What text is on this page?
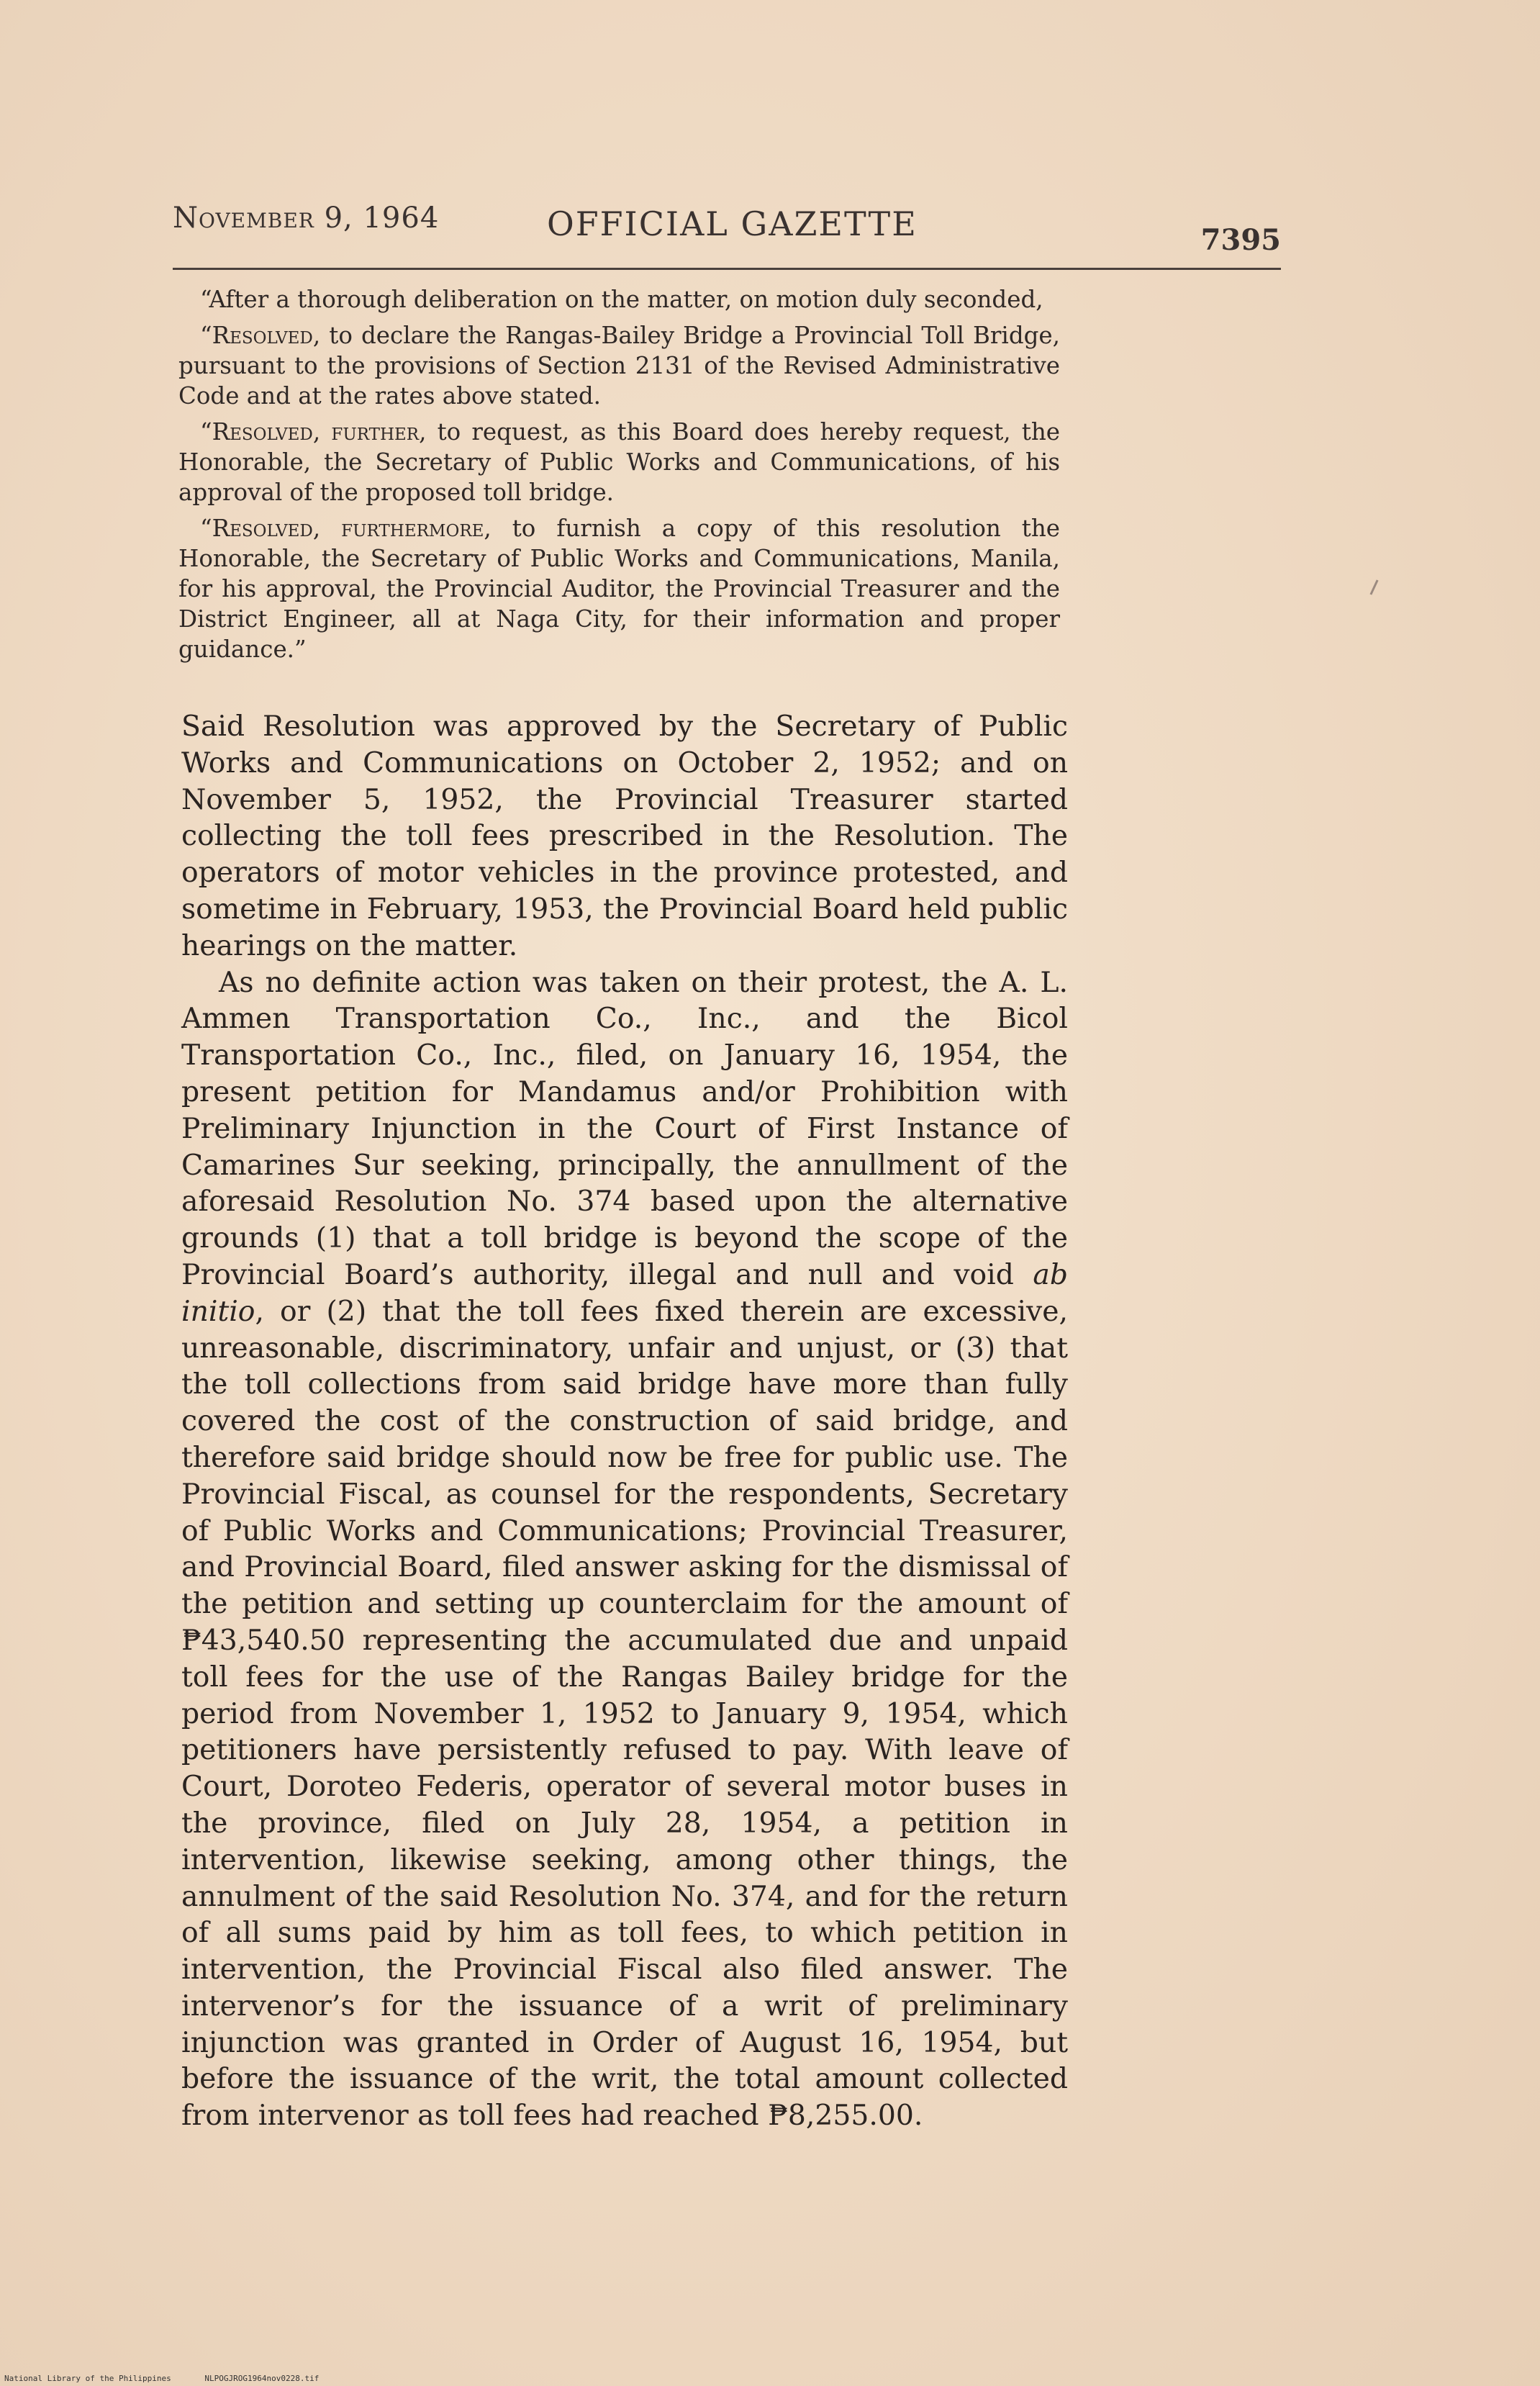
November 9, 1964	OFFICIAL GAZETTE	7395

“After a thorough deliberation on the matter, on motion duly seconded,

“Resolved, to declare the Rangas-Bailey Bridge a Provincial Toll Bridge, pursuant to the provisions of Section 2131 of the Revised Administrative Code and at the rates above stated.

“Resolved, further, to request, as this Board does hereby request, the Honorable, the Secretary of Public Works and Communications, of his approval of the proposed toll bridge.

“Resolved, furthermore, to furnish a copy of this resolution the Honorable, the Secretary of Public Works and Communications, Manila, for his approval, the Provincial Auditor, the Provincial Treasurer and the District Engineer, all at Naga City, for their information and proper guidance.”

Said Resolution was approved by the Secretary of Public Works and Communications on October 2, 1952; and on November 5, 1952, the Provincial Treasurer started collecting the toll fees prescribed in the Resolution. The operators of motor vehicles in the province protested, and sometime in February, 1953, the Provincial Board held public hearings on the matter.

As no definite action was taken on their protest, the A. L. Ammen Transportation Co., Inc., and the Bicol Transportation Co., Inc., filed, on January 16, 1954, the present petition for Mandamus and/or Prohibition with Preliminary Injunction in the Court of First Instance of Camarines Sur seeking, principally, the annullment of the aforesaid Resolution No. 374 based upon the alternative grounds (1) that a toll bridge is beyond the scope of the Provincial Board’s authority, illegal and null and void ab initio, or (2) that the toll fees fixed therein are excessive, unreasonable, discriminatory, unfair and unjust, or (3) that the toll collections from said bridge have more than fully covered the cost of the construction of said bridge, and therefore said bridge should now be free for public use. The Provincial Fiscal, as counsel for the respondents, Secretary of Public Works and Communications; Provincial Treasurer, and Provincial Board, filed answer asking for the dismissal of the petition and setting up counterclaim for the amount of ₱43,540.50 representing the accumulated due and unpaid toll fees for the use of the Rangas Bailey bridge for the period from November 1, 1952 to January 9, 1954, which petitioners have persistently refused to pay. With leave of Court, Doroteo Federis, operator of several motor buses in the province, filed on July 28, 1954, a petition in intervention, likewise seeking, among other things, the annulment of the said Resolution No. 374, and for the return of all sums paid by him as toll fees, to which petition in intervention, the Provincial Fiscal also filed answer. The intervenor’s for the issuance of a writ of preliminary injunction was granted in Order of August 16, 1954, but before the issuance of the writ, the total amount collected from intervenor as toll fees had reached ₱8,255.00.

National Library of the Philippines	NLPOGJROG1964nov0228.tif
